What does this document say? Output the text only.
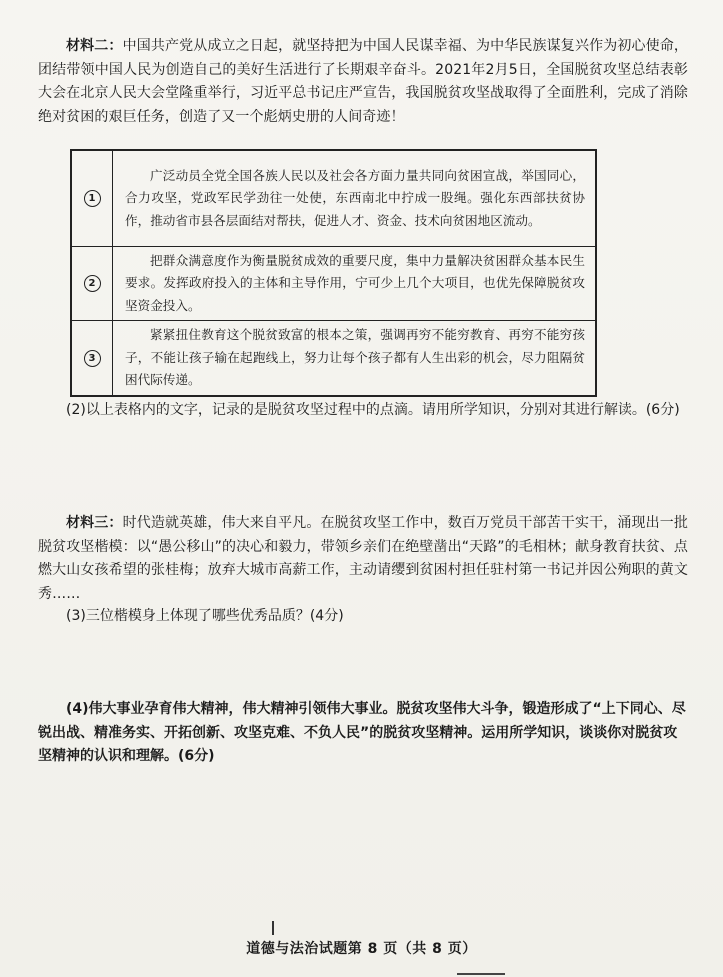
材料二：中国共产党从成立之日起，就坚持把为中国人民谋幸福、为中华民族谋复兴作为初心使命，团结带领中国人民为创造自己的美好生活进行了长期艰辛奋斗。2021年2月5日，全国脱贫攻坚总结表彰大会在北京人民大会堂隆重举行，习近平总书记庄严宣告，我国脱贫攻坚战取得了全面胜利，完成了消除绝对贫困的艰巨任务，创造了又一个彪炳史册的人间奇迹！

1	广泛动员全党全国各族人民以及社会各方面力量共同向贫困宣战，举国同心，合力攻坚，党政军民学劲往一处使，东西南北中拧成一股绳。强化东西部扶贫协作，推动省市县各层面结对帮扶，促进人才、资金、技术向贫困地区流动。

2	把群众满意度作为衡量脱贫成效的重要尺度，集中力量解决贫困群众基本民生要求。发挥政府投入的主体和主导作用，宁可少上几个大项目，也优先保障脱贫攻坚资金投入。

3	紧紧扭住教育这个脱贫致富的根本之策，强调再穷不能穷教育、再穷不能穷孩子，不能让孩子输在起跑线上，努力让每个孩子都有人生出彩的机会，尽力阻隔贫困代际传递。

(2)以上表格内的文字，记录的是脱贫攻坚过程中的点滴。请用所学知识，分别对其进行解读。(6分)

材料三：时代造就英雄，伟大来自平凡。在脱贫攻坚工作中，数百万党员干部苦干实干，涌现出一批脱贫攻坚楷模：以“愚公移山”的决心和毅力，带领乡亲们在绝壁凿出“天路”的毛相林；献身教育扶贫、点燃大山女孩希望的张桂梅；放弃大城市高薪工作，主动请缨到贫困村担任驻村第一书记并因公殉职的黄文秀……

(3)三位楷模身上体现了哪些优秀品质？(4分)

(4)伟大事业孕育伟大精神，伟大精神引领伟大事业。脱贫攻坚伟大斗争，锻造形成了“上下同心、尽锐出战、精准务实、开拓创新、攻坚克难、不负人民”的脱贫攻坚精神。运用所学知识，谈谈你对脱贫攻坚精神的认识和理解。(6分)

道德与法治试题第 8 页（共 8 页）
